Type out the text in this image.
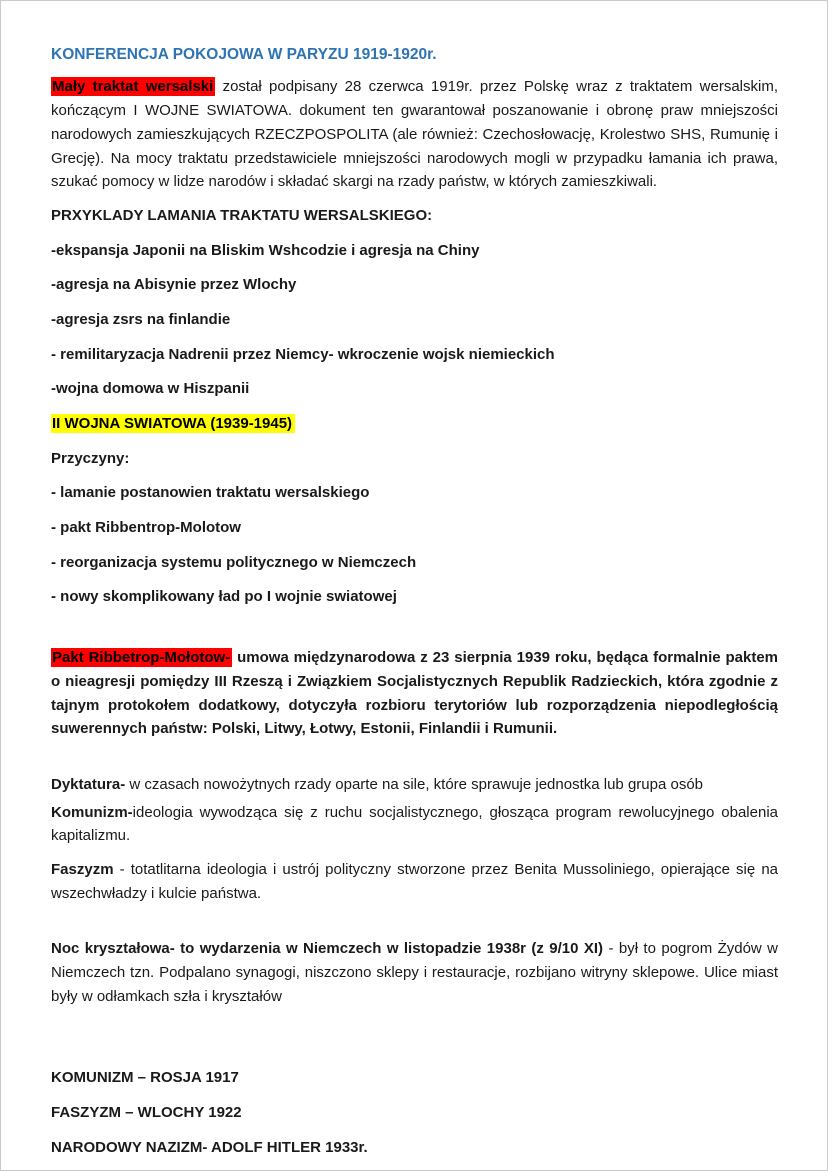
KONFERENCJA POKOJOWA W PARYZU 1919-1920r.

Mały traktat wersalski został podpisany 28 czerwca 1919r. przez Polskę wraz z traktatem wersalskim, kończącym I WOJNE SWIATOWA. dokument ten gwarantował poszanowanie i obronę praw mniejszości narodowych zamieszkujących RZECZPOSPOLITA (ale również: Czechosłowację, Krolestwo SHS, Rumunię i Grecję). Na mocy traktatu przedstawiciele mniejszości narodowych mogli w przypadku łamania ich prawa, szukać pomocy w lidze narodów i składać skargi na rzady państw, w których zamieszkiwali.

PRXYKLADY LAMANIA TRAKTATU WERSALSKIEGO:
-ekspansja Japonii na Bliskim Wshcodzie i agresja na Chiny
-agresja na Abisynie przez Wlochy
-agresja zsrs na finlandie
- remilitaryzacja Nadrenii przez Niemcy- wkroczenie wojsk niemieckich
-wojna domowa w Hiszpanii
II WOJNA SWIATOWA (1939-1945)
Przyczyny:
- lamanie postanowien traktatu wersalskiego
- pakt Ribbentrop-Molotow
- reorganizacja systemu politycznego w Niemczech
- nowy skomplikowany ład po I wojnie swiatowej

Pakt Ribbetrop-Mołotow- umowa międzynarodowa z 23 sierpnia 1939 roku, będąca formalnie paktem o nieagresji pomiędzy III Rzeszą i Związkiem Socjalistycznych Republik Radzieckich, która zgodnie z tajnym protokołem dodatkowy, dotyczyła rozbioru terytoriów lub rozporządzenia niepodległością suwerennych państw: Polski, Litwy, Łotwy, Estonii, Finlandii i Rumunii.

Dyktatura- w czasach nowożytnych rzady oparte na sile, które sprawuje jednostka lub grupa osób

Komunizm-ideologia wywodząca się z ruchu socjalistycznego, głosząca program rewolucyjnego obalenia kapitalizmu.

Faszyzm - totatlitarna ideologia i ustrój polityczny stworzone przez Benita Mussoliniego, opierające się na wszechwładzy i kulcie państwa.

Noc kryształowa- to wydarzenia w Niemczech w listopadzie 1938r (z 9/10 XI) - był to pogrom Żydów w Niemczech tzn. Podpalano synagogi, niszczono sklepy i restauracje, rozbijano witryny sklepowe. Ulice miast były w odłamkach szła i kryształów

KOMUNIZM – ROSJA 1917
FASZYZM – WLOCHY 1922
NARODOWY NAZIZM- ADOLF HITLER 1933r.
